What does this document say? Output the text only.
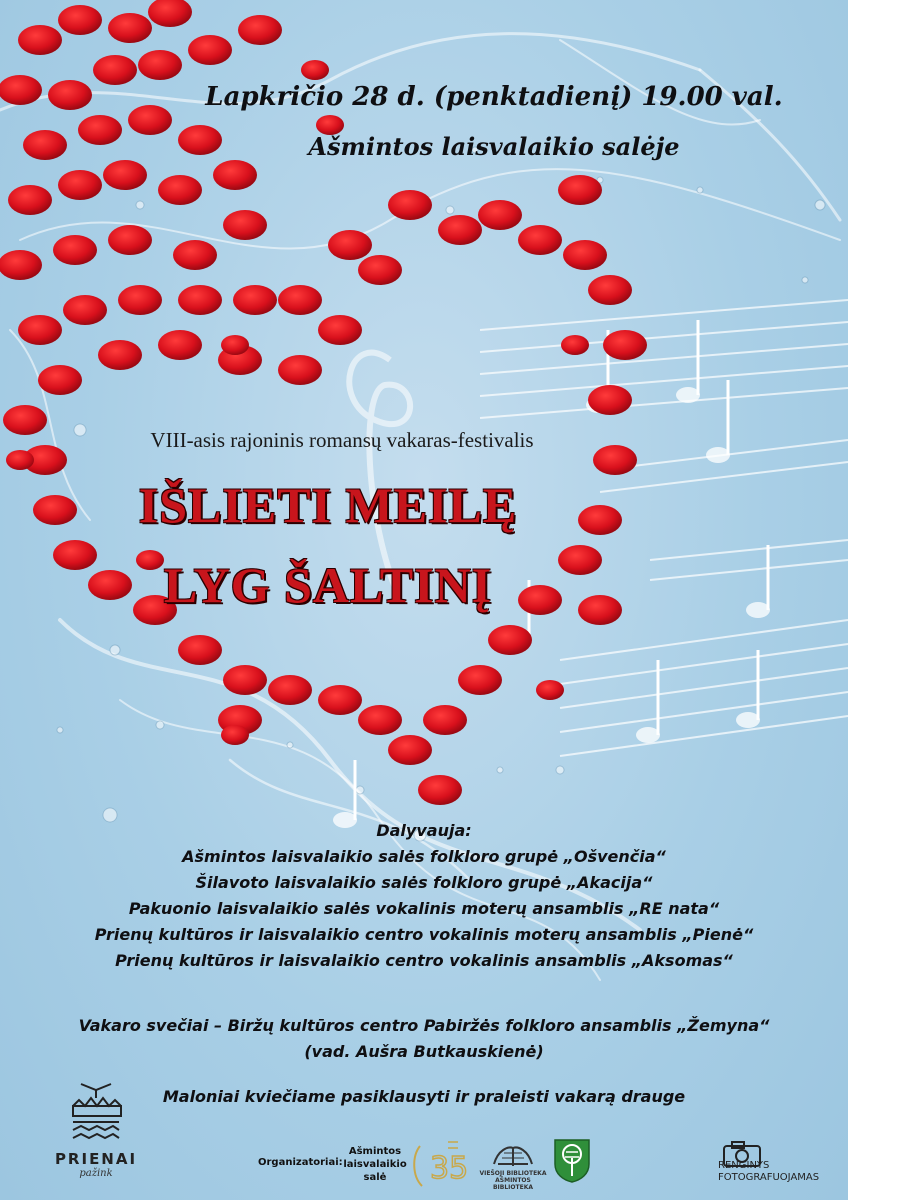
Lapkričio 28 d. (penktadienį) 19.00 val.
Ašmintos laisvalaikio salėje
VIII-asis rajoninis romansų vakaras-festivalis
IŠLIETI MEILĘ
LYG ŠALTINĮ
Dalyvauja:
Ašmintos laisvalaikio salės folkloro grupė „Ošvenčia“
Šilavoto laisvalaikio salės folkloro grupė „Akacija“
Pakuonio laisvalaikio salės vokalinis moterų ansamblis „RE nata“
Prienų kultūros ir laisvalaikio centro vokalinis moterų ansamblis „Pienė“
Prienų kultūros ir laisvalaikio centro vokalinis ansamblis „Aksomas“
Vakaro svečiai – Biržų kultūros centro Pabiržės folkloro ansamblis „Žemyna“
(vad. Aušra Butkauskienė)
Maloniai kviečiame pasiklausyti ir praleisti vakarą drauge
PRIENAI
pažink
Organizatoriai:
Ašmintos laisvalaikio salė	35 VIEŠOJI BIBLIOTEKA AŠMINTOS BIBLIOTEKA
RENGINYS FOTOGRAFUOJAMAS
